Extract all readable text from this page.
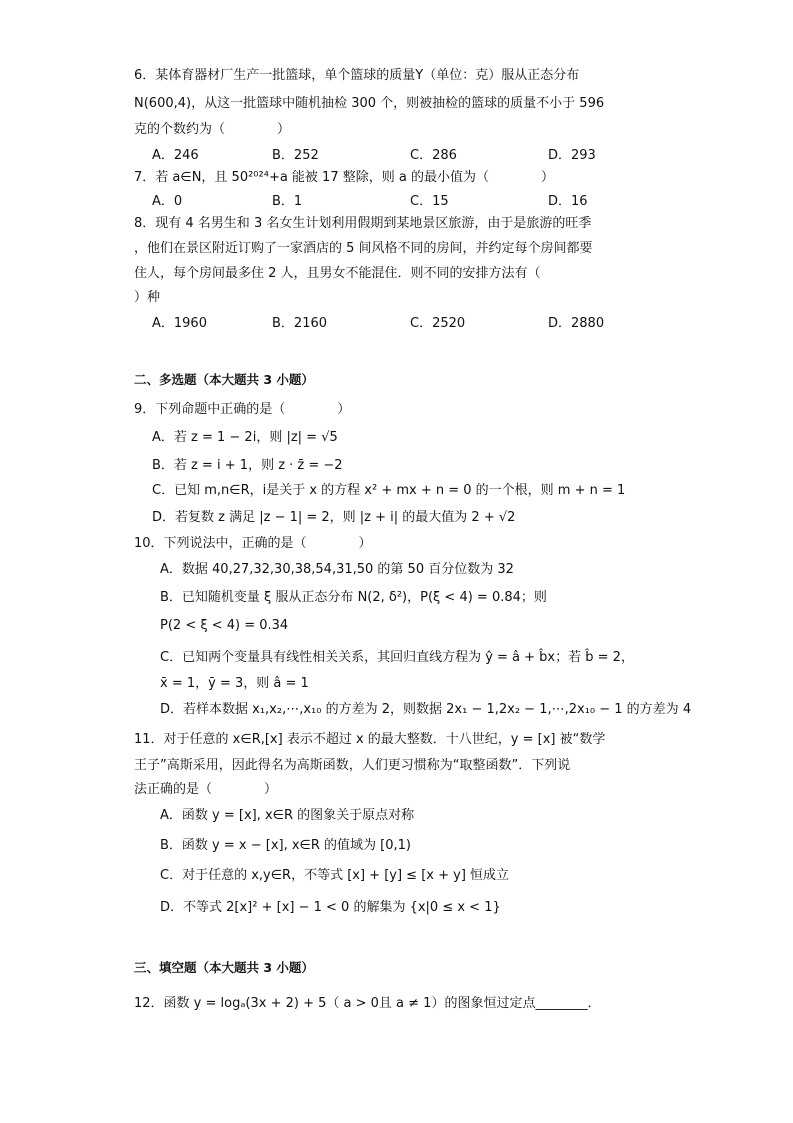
6．某体育器材厂生产一批篮球，单个篮球的质量Y（单位：克）服从正态分布
N(600,4)，从这一批篮球中随机抽检 300 个，则被抽检的篮球的质量不小于 596
克的个数约为（　　　　）
A．246	B．252	C．286	D．293
7．若 a∈N，且 50²⁰²⁴+a 能被 17 整除，则 a 的最小值为（　　　　）
A．0	B．1	C．15	D．16
8．现有 4 名男生和 3 名女生计划利用假期到某地景区旅游，由于是旅游的旺季
，他们在景区附近订购了一家酒店的 5 间风格不同的房间，并约定每个房间都要
住人，每个房间最多住 2 人，且男女不能混住．则不同的安排方法有（
）种
A．1960	B．2160	C．2520	D．2880
二、多选题（本大题共 3 小题）
9．下列命题中正确的是（　　　　）
A．若 z = 1 − 2i，则 |z| = √5
B．若 z = i + 1，则 z · z̄ = −2
C．已知 m,n∈R，i是关于 x 的方程 x² + mx + n = 0 的一个根，则 m + n = 1
D．若复数 z 满足 |z − 1| = 2，则 |z + i| 的最大值为 2 + √2
10．下列说法中，正确的是（　　　　）
A．数据 40,27,32,30,38,54,31,50 的第 50 百分位数为 32
B．已知随机变量 ξ 服从正态分布 N(2, δ²)，P(ξ < 4) = 0.84；则
P(2 < ξ < 4) = 0.34
C．已知两个变量具有线性相关关系，其回归直线方程为 ŷ = â + b̂x；若 b̂ = 2，
x̄ = 1，ȳ = 3，则 â = 1
D．若样本数据 x₁,x₂,⋯,x₁₀ 的方差为 2，则数据 2x₁ − 1,2x₂ − 1,⋯,2x₁₀ − 1 的方差为 4
11．对于任意的 x∈R,[x] 表示不超过 x 的最大整数．十八世纪，y = [x] 被“数学
王子”高斯采用，因此得名为高斯函数，人们更习惯称为“取整函数”．下列说
法正确的是（　　　　）
A．函数 y = [x], x∈R 的图象关于原点对称
B．函数 y = x − [x], x∈R 的值域为 [0,1)
C．对于任意的 x,y∈R，不等式 [x] + [y] ≤ [x + y] 恒成立
D．不等式 2[x]² + [x] − 1 < 0 的解集为 {x|0 ≤ x < 1}
三、填空题（本大题共 3 小题）
12．函数 y = logₐ(3x + 2) + 5（ a > 0且 a ≠ 1）的图象恒过定点________．
